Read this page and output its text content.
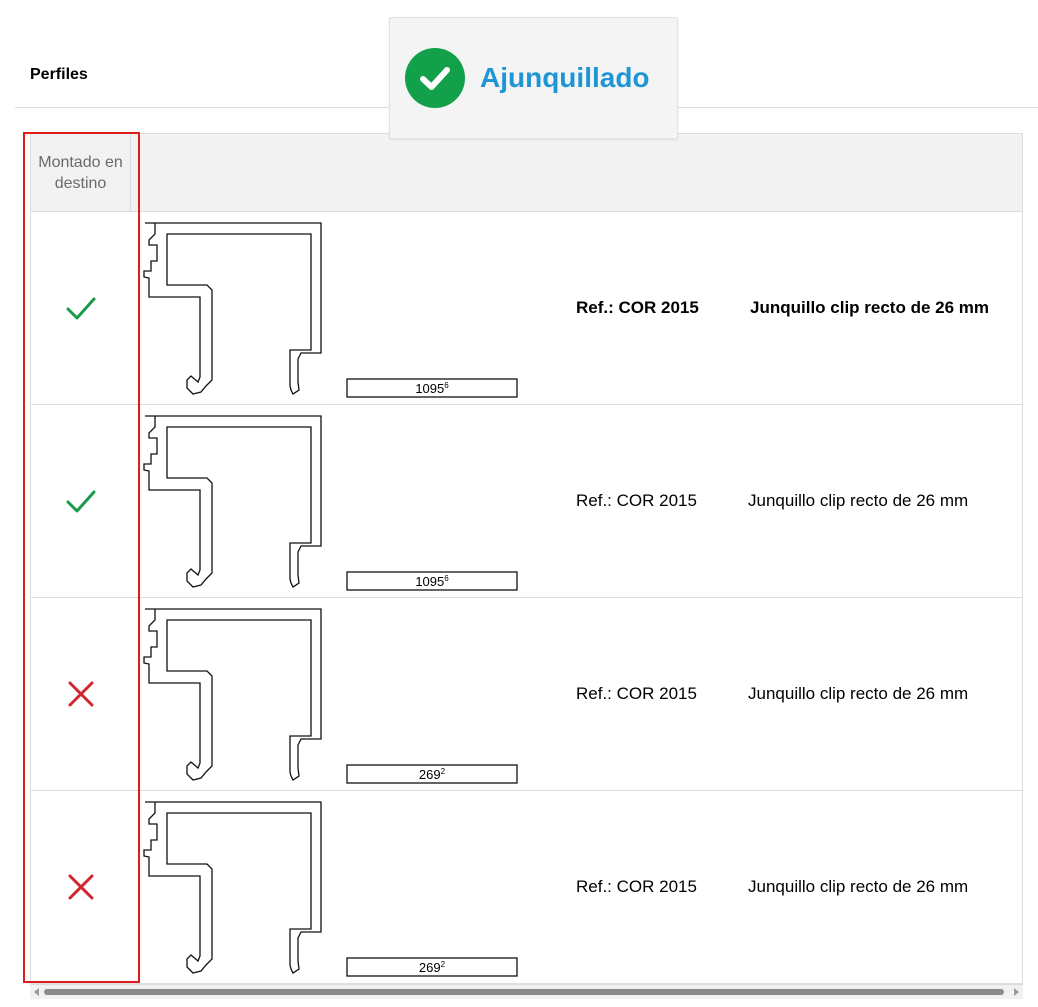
Perfiles
Montado en destino
1095$^6$
Ref.: COR 2015	Junquillo clip recto de 26 mm
1095$^6$
Ref.: COR 2015	Junquillo clip recto de 26 mm
$269^2$
Ref.: COR 2015	Junquillo clip recto de 26 mm
$269^2$
Ref.: COR 2015	Junquillo clip recto de 26 mm
Ajunquillado
